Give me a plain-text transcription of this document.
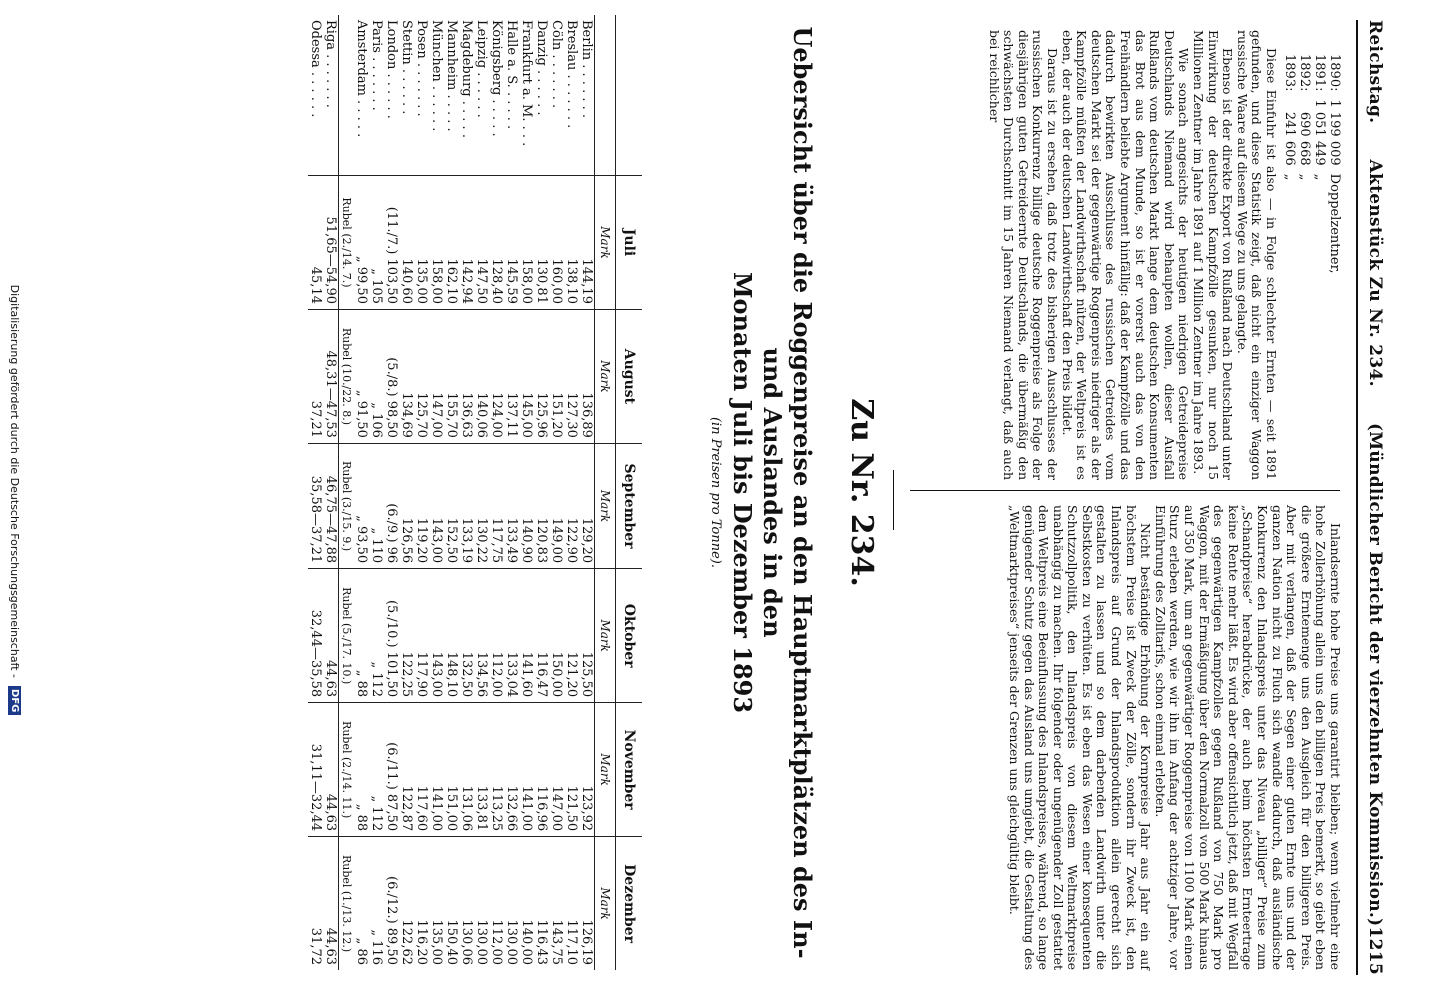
Reichstag.
Aktenstück Zu Nr. 234.
(Mündlicher Bericht der vierzehnten Kommission.)
1215
1890:	1 199 009	Doppelzentner,
1891:	1 051 449	„
1892:	690 668	„
1893:	241 606	„

Diese Einfuhr ist also — in Folge schlechter Ernten — seit 1891 gefunden, und diese Statistik zeigt, daß nicht ein einziger Waggon russische Waare auf diesem Wege zu uns gelangte.

Ebenso ist der direkte Export von Rußland nach Deutschland unter Einwirkung der deutschen Kampfzölle gesunken, nur noch 15 Millionen Zentner im Jahre 1891 auf 1 Million Zentner im Jahre 1893.

Wie sonach angesichts der heutigen niedrigen Getreidepreise Deutschlands Niemand wird behaupten wollen, dieser Ausfall Rußlands vom deutschen Markt lange dem deutschen Konsumenten das Brot aus dem Munde, so ist er vorerst auch das von den Freihändlern beliebte Argument hinfällig: daß der Kampfzölle und das dadurch bewirkten Ausschlusse des russischen Getreides vom deutschen Markt sei der gegenwärtige Roggenpreis niedriger als der Kampfzölle müßten der Landwirthschaft nützen, der Weltpreis ist es eben, der auch der deutschen Landwirthschaft den Preis bildet.

Daraus ist zu ersehen, daß trotz des bisherigen Ausschlusses der russischen Konkurrenz billige deutsche Roggenpreise als Folge der diesjährigen guten Getreideernte Deutschlands, die übermäßig den schwächsten Durchschnitt im 15 Jahren Niemand verlangt, daß auch bei reichlicher

Inlandsernte hohe Preise uns garantirt bleiben; wenn vielmehr eine hohe Zollerhöhung allein uns den billigen Preis bemerkt, so giebt eben die größere Erntemenge uns den Ausgleich für den billigeren Preis. Aber mit verlangen, daß der Segen einer guten Ernte uns und der ganzen Nation nicht zu Fluch sich wandle dadurch, daß ausländische Konkurrenz den Inlandspreis unter das Niveau „billiger“ Preise zum „Schandpreise“ herabdrücke, der auch beim höchsten Ernteertrage keine Rente mehr läßt. Es wird aber offensichtlich jetzt, daß mit Wegfall des gegenwärtigen Kampfzolles gegen Rußland von 750 Mark pro Waggon, mit der Ermäßigung über den Normalzoll von 500 Mark hinaus auf 350 Mark, um an gegenwärtiger Roggenpreise von 1100 Mark einen Sturz erleben werden, wie wir ihn im Anfang der achtziger Jahre, vor Einführung des Zolltarifs, schon einmal erlebten.

Nicht beständige Erhöhung der Kornpreise Jahr aus Jahr ein auf höchstem Preise ist Zweck der Zölle, sondern ihr Zweck ist, den Inlandspreis auf Grund der Inlandsproduktion allein gerecht sich gestalten zu lassen und so dem darbenden Landwirth unter die Selbstkosten zu verhüten. Es ist eben das Wesen einer konsequenten Schutzzollpolitik, den Inlandspreis von diesem Weltmarktpreise unabhängig zu machen. Ihr folgender oder ungenügender Zoll gestattet dem Weltpreis eine Beeinflussung des Inlandspreises, während, so lange genügender Schutz gegen das Ausland uns umgiebt, die Gestaltung des „Weltmarktpreises“ jenseits der Grenzen uns gleichgültig bleibt.

Zu Nr. 234.
Uebersicht über die Roggenpreise an den Hauptmarktplätzen des In- und Auslandes in den
Monaten Juli bis Dezember 1893
(in Preisen pro Tonne).
	Juli	August	September	Oktober	November	Dezember
	Mark	Mark	Mark	Mark	Mark	Mark
Berlin . . . . . . .	144,19	136,89	129,20	125,50	123,92	126,19
Breslau . . . . . . .	138,10	127,30	122,90	121,20	121,50	117,10
Cöln . . . . . . .	160,00	151,20	149,00	150,00	147,00	143,75
Danzig . . . . . .	130,81	125,96	120,83	116,47	116,96	116,43
Frankfurt a. M. . . .	158,00	145,00	140,90	141,60	141,00	140,00
Halle a. S. . . . . .	145,59	137,11	133,49	133,04	132,66	130,00
Königsberg . . . . .	128,40	124,00	117,75	112,00	113,25	112,00
Leipzig . . . . . .	147,50	140,06	130,22	134,56	133,81	130,00
Magdeburg . . . . .	142,94	136,63	133,19	132,50	131,06	130,06
Mannheim . . . . .	162,10	155,70	152,50	148,10	151,00	150,40
München . . . . . .	158,00	147,00	143,00	143,00	141,00	135,00
Posen . . . . . . .	135,00	125,70	119,20	117,90	117,60	116,20
Stettin . . . . . .	140,60	134,69	126,56	122,25	122,87	122,62
London . . . . . .	(11./7.) 103,50	(5./8.) 98,50	(6./9.) 96	(5./10.) 101,50	(6./11.) 87,50	(6./12.) 89,50
Paris . . . . . . .	„ 105	„ 106	„ 110	„ 112	„ 112	„ 116
Amsterdam . . . . .	„ 99,50	„ 91,50	„ 93,50	„ 88	„ 88	„ 86
	Rubel (2./14. 7.)	Rubel (10./22. 8.)	Rubel (3./15. 9.)	Rubel (5./17. 10.)	Rubel (2./14. 11.)	Rubel (1./13. 12.)
Riga . . . . . . .	51,65—54,90	48,31—47,53	46,75—47,88	44,63	44,63	44,63
Odessa . . . . . .	45,14	37,21	35,58—37,21	32,44—35,58	31,11—32,44	31,72
Digitalisierung gefördert durch die Deutsche Forschungsgemeinschaft -
DFG
